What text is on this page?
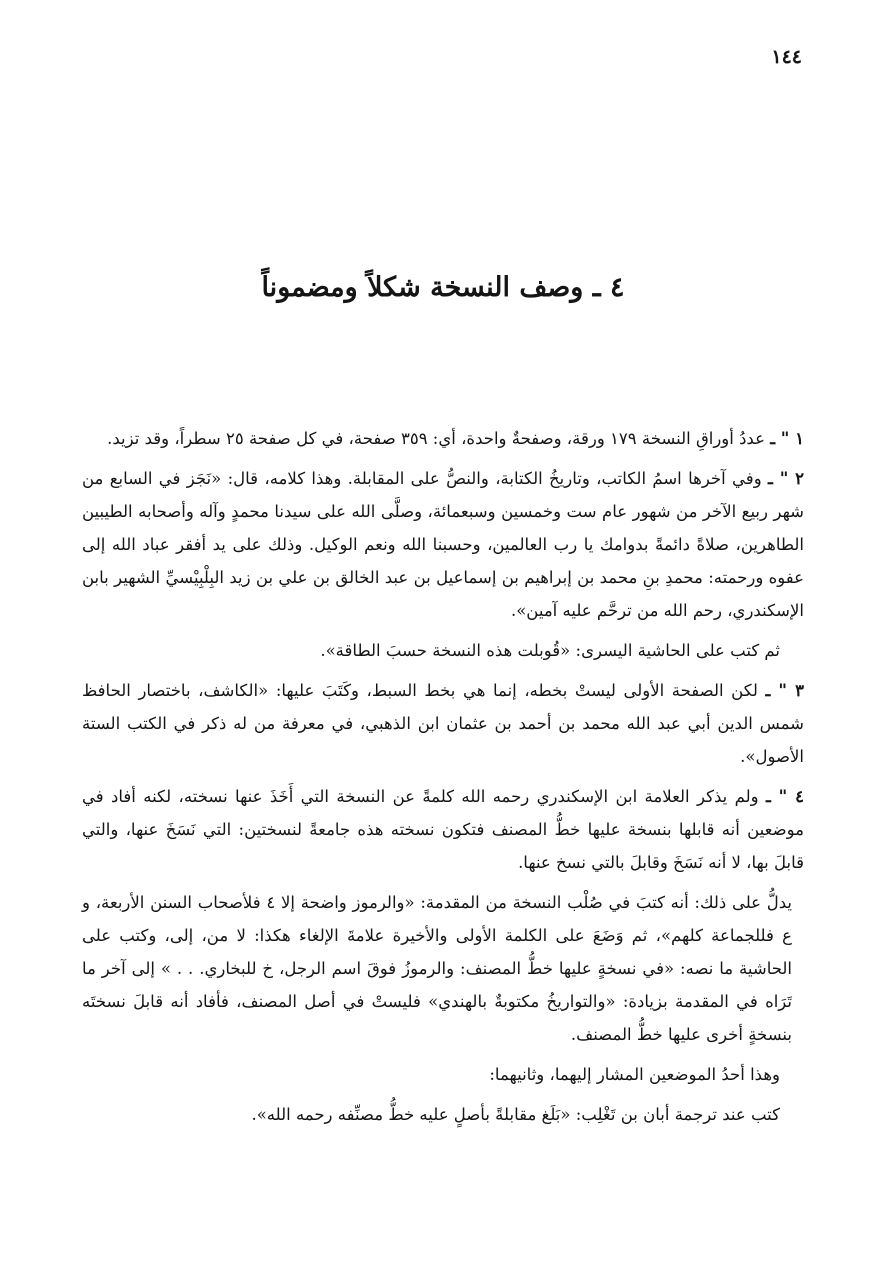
١٤٤
٤ ـ وصف النسخة شكلاً ومضموناً

١ " ـ عددُ أوراقِ النسخة ١٧٩ ورقة، وصفحةٌ واحدة، أي: ٣٥٩ صفحة، في كل صفحة ٢٥ سطراً، وقد تزيد.

٢ " ـ وفي آخرها اسمُ الكاتب، وتاريخُ الكتابة، والنصُّ على المقابلة. وهذا كلامه، قال: «نَجَز في السابع من شهر ربيع الآخر من شهور عام ست وخمسين وسبعمائة، وصلَّى الله على سيدنا محمدٍ وآله وأصحابه الطيبين الطاهرين، صلاةً دائمةً بدوامك يا رب العالمين، وحسبنا الله ونعم الوكيل. وذلك على يد أفقر عباد الله إلى عفوه ورحمته: محمدِ بنِ محمد بن إبراهيم بن إسماعيل بن عبد الخالق بن علي بن زيد البِلْبِيْسيِّ الشهير بابن الإسكندري، رحم الله من ترحَّم عليه آمين».

ثم كتب على الحاشية اليسرى: «قُوبلت هذه النسخة حسبَ الطاقة».

٣ " ـ لكن الصفحة الأولى ليستْ بخطه، إنما هي بخط السبط، وكَتَبَ عليها: «الكاشف، باختصار الحافظ شمس الدين أبي عبد الله محمد بن أحمد بن عثمان ابن الذهبي، في معرفة من له ذكر في الكتب الستة الأصول».

٤ " ـ ولم يذكر العلامة ابن الإسكندري رحمه الله كلمةً عن النسخة التي أَخَذَ عنها نسخته، لكنه أفاد في موضعين أنه قابلها بنسخة عليها خطُّ المصنف فتكون نسخته هذه جامعةً لنسختين: التي نَسَخَ عنها، والتي قابلَ بها، لا أنه نَسَخَ وقابلَ بالتي نسخ عنها.

يدلُّ على ذلك: أنه كتبَ في صُلْب النسخة من المقدمة: «والرموز واضحة إلا ٤ فلأصحاب السنن الأربعة، و ع فللجماعة كلهم»، ثم وَضَعَ على الكلمة الأولى والأخيرة علامةَ الإلغاء هكذا: لا من، إلى، وكتب على الحاشية ما نصه: «في نسخةٍ عليها خطُّ المصنف: والرموزُ فوقَ اسم الرجل، خ للبخاري. . . » إلى آخر ما تَرَاه في المقدمة بزيادة: «والتواريخُ مكتوبةٌ بالهندي» فليستْ في أصل المصنف، فأفاد أنه قابلَ نسختَه بنسخةٍ أخرى عليها خطُّ المصنف.

وهذا أحدُ الموضعين المشار إليهما، وثانيهما:

كتب عند ترجمة أبان بن تَغْلِب: «بَلَغ مقابلةً بأصلٍ عليه خطُّ مصنِّفه رحمه الله».
